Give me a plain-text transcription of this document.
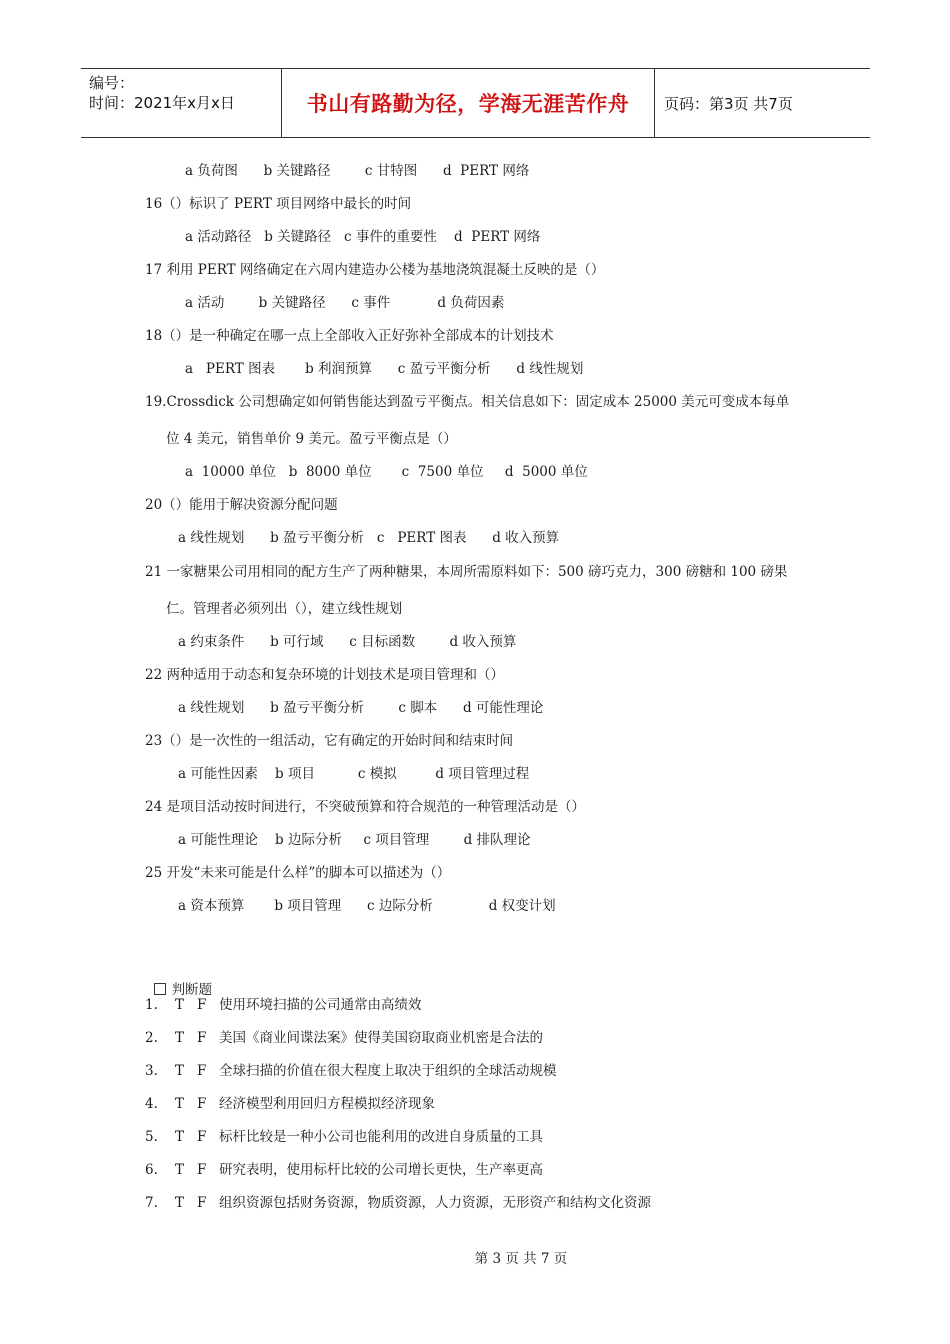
编号：
时间：2021年x月x日	书山有路勤为径，学海无涯苦作舟	页码：第3页 共7页
a 负荷图      b 关键路径        c 甘特图      d  PERT 网络
16（）标识了 PERT 项目网络中最长的时间
a 活动路径   b 关键路径   c 事件的重要性    d  PERT 网络
17 利用 PERT 网络确定在六周内建造办公楼为基地浇筑混凝土反映的是（）
a 活动        b 关键路径      c 事件           d 负荷因素
18（）是一种确定在哪一点上全部收入正好弥补全部成本的计划技术
a   PERT 图表       b 利润预算      c 盈亏平衡分析      d 线性规划
19.Crossdick 公司想确定如何销售能达到盈亏平衡点。相关信息如下：固定成本 25000 美元可变成本每单
位 4 美元，销售单价 9 美元。盈亏平衡点是（）
a  10000 单位   b  8000 单位       c  7500 单位     d  5000 单位
20（）能用于解决资源分配问题
a 线性规划      b 盈亏平衡分析   c   PERT 图表      d 收入预算
21 一家糖果公司用相同的配方生产了两种糖果，本周所需原料如下：500 磅巧克力，300 磅糖和 100 磅果
仁。管理者必须列出（），建立线性规划
a 约束条件      b 可行域      c 目标函数        d 收入预算
22 两种适用于动态和复杂环境的计划技术是项目管理和（）
a 线性规划      b 盈亏平衡分析        c 脚本      d 可能性理论
23（）是一次性的一组活动，它有确定的开始时间和结束时间
a 可能性因素    b 项目          c 模拟         d 项目管理过程
24 是项目活动按时间进行，不突破预算和符合规范的一种管理活动是（）
a 可能性理论    b 边际分析     c 项目管理        d 排队理论
25 开发“未来可能是什么样”的脚本可以描述为（）
a 资本预算       b 项目管理      c 边际分析             d 权变计划

判断题

1. T F 使用环境扫描的公司通常由高绩效
2. T F 美国《商业间谍法案》使得美国窃取商业机密是合法的
3. T F 全球扫描的价值在很大程度上取决于组织的全球活动规模
4. T F 经济模型利用回归方程模拟经济现象
5. T F 标杆比较是一种小公司也能利用的改进自身质量的工具
6. T F 研究表明，使用标杆比较的公司增长更快，生产率更高
7. T F 组织资源包括财务资源，物质资源，人力资源，无形资产和结构文化资源
第 3 页 共 7 页
